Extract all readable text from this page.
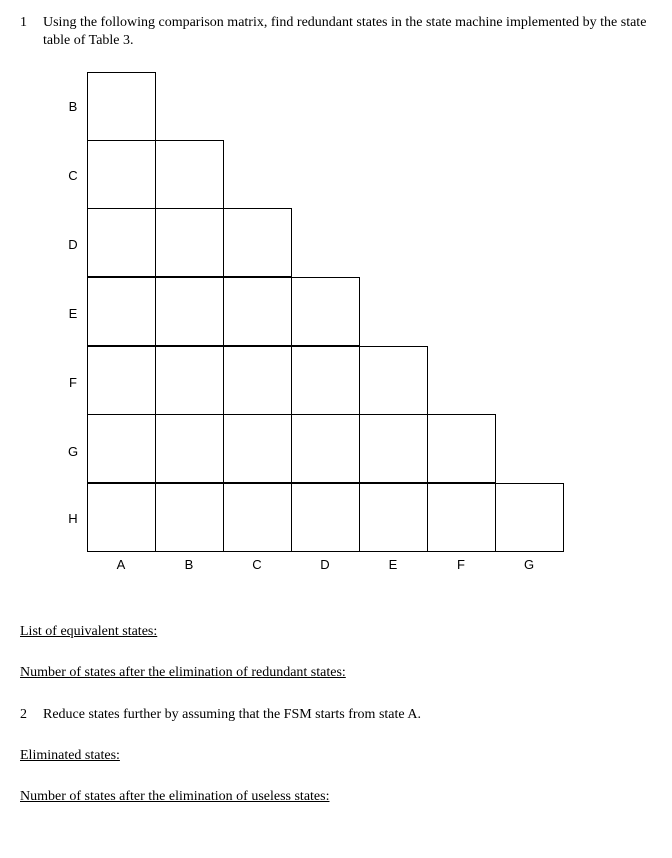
1 Using the following comparison matrix, find redundant states in the state machine implemented by the state table of Table 3.
B
C
D
E
F
G
H
A	B	C	D	E	F	G
List of equivalent states:
Number of states after the elimination of redundant states:
2 Reduce states further by assuming that the FSM starts from state A.
Eliminated states:
Number of states after the elimination of useless states:
